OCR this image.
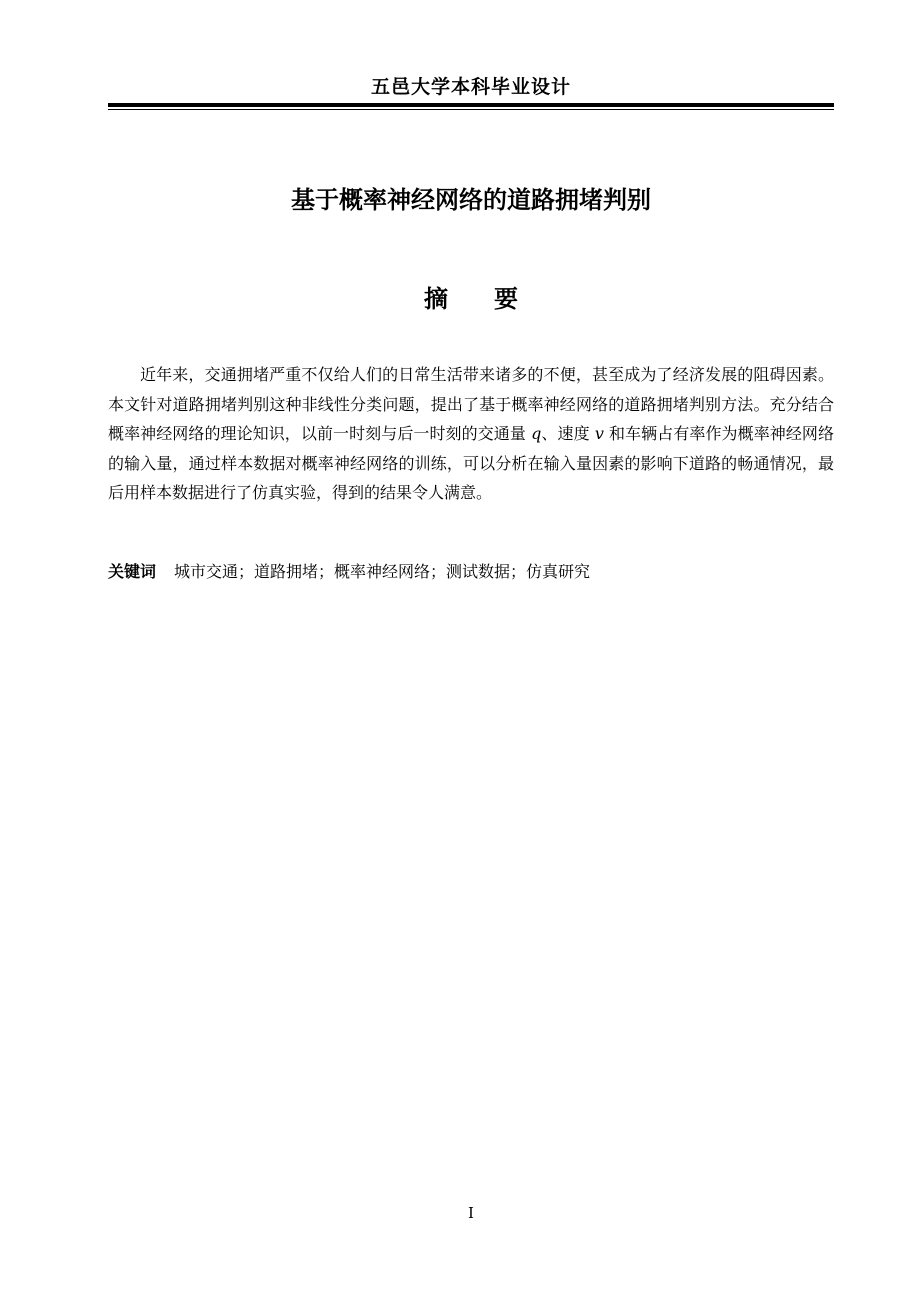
五邑大学本科毕业设计
基于概率神经网络的道路拥堵判别
摘 要
近年来，交通拥堵严重不仅给人们的日常生活带来诸多的不便，甚至成为了经济发展的阻碍因素。本文针对道路拥堵判别这种非线性分类问题，提出了基于概率神经网络的道路拥堵判别方法。充分结合概率神经网络的理论知识，以前一时刻与后一时刻的交通量 q、速度 v 和车辆占有率作为概率神经网络的输入量，通过样本数据对概率神经网络的训练，可以分析在输入量因素的影响下道路的畅通情况，最后用样本数据进行了仿真实验，得到的结果令人满意。
关键词 城市交通；道路拥堵；概率神经网络；测试数据；仿真研究
I
